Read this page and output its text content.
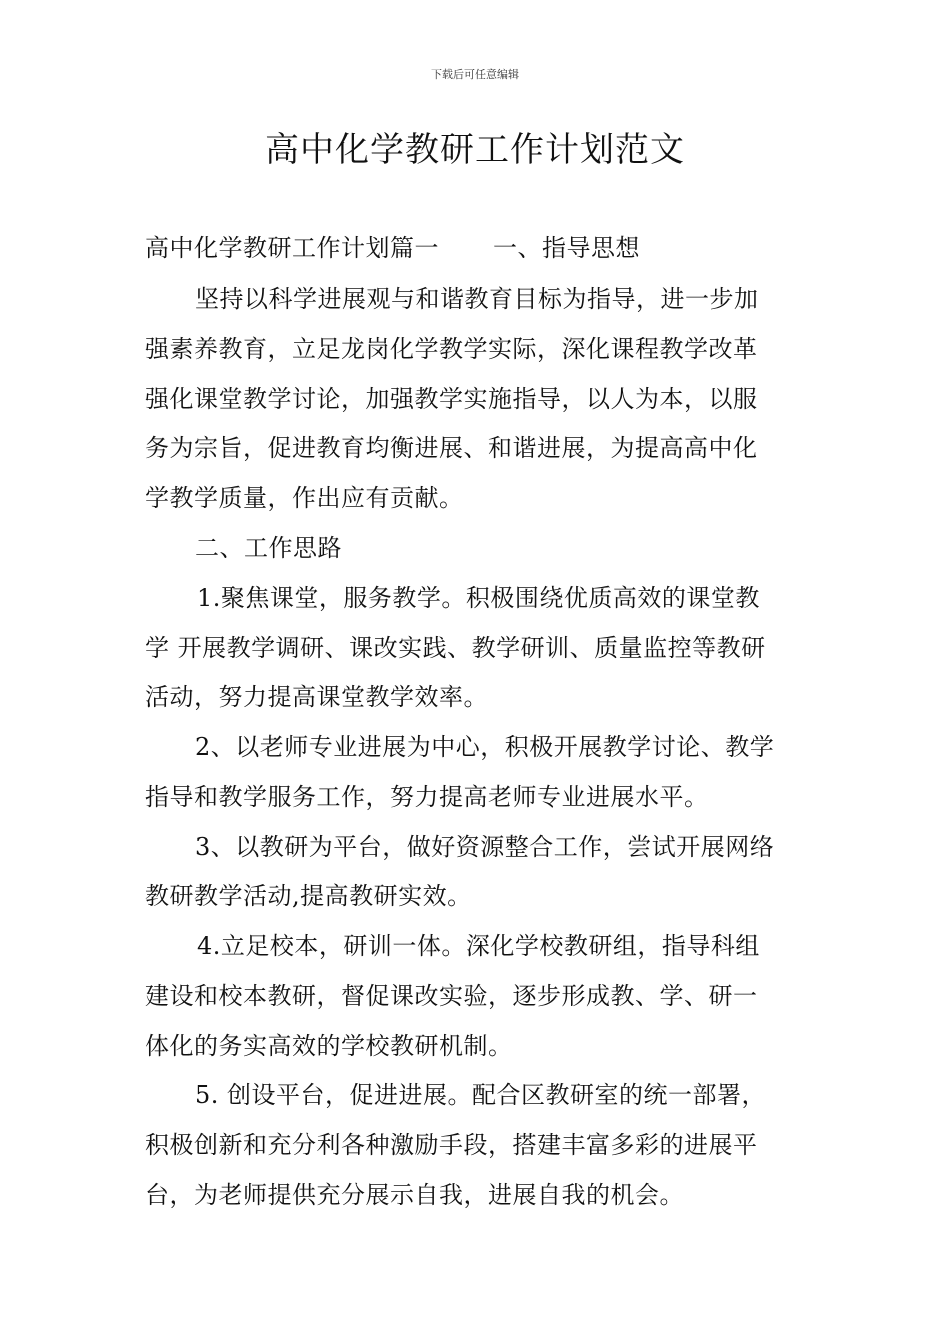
下载后可任意编辑
高中化学教研工作计划范文
高中化学教研工作计划篇一 一、指导思想
坚持以科学进展观与和谐教育目标为指导，进一步加
强素养教育，立足龙岗化学教学实际，深化课程教学改革
强化课堂教学讨论，加强教学实施指导，以人为本，以服
务为宗旨，促进教育均衡进展、和谐进展，为提高高中化
学教学质量，作出应有贡献。
二、工作思路
1.聚焦课堂，服务教学。积极围绕优质高效的课堂教
学 开展教学调研、课改实践、教学研训、质量监控等教研
活动，努力提高课堂教学效率。
2、以老师专业进展为中心，积极开展教学讨论、教学
指导和教学服务工作，努力提高老师专业进展水平。
3、以教研为平台，做好资源整合工作，尝试开展网络
教研教学活动,提高教研实效。
4.立足校本，研训一体。深化学校教研组，指导科组
建设和校本教研，督促课改实验，逐步形成教、学、研一
体化的务实高效的学校教研机制。
5. 创设平台，促进进展。配合区教研室的统一部署，
积极创新和充分利各种激励手段，搭建丰富多彩的进展平
台，为老师提供充分展示自我，进展自我的机会。
